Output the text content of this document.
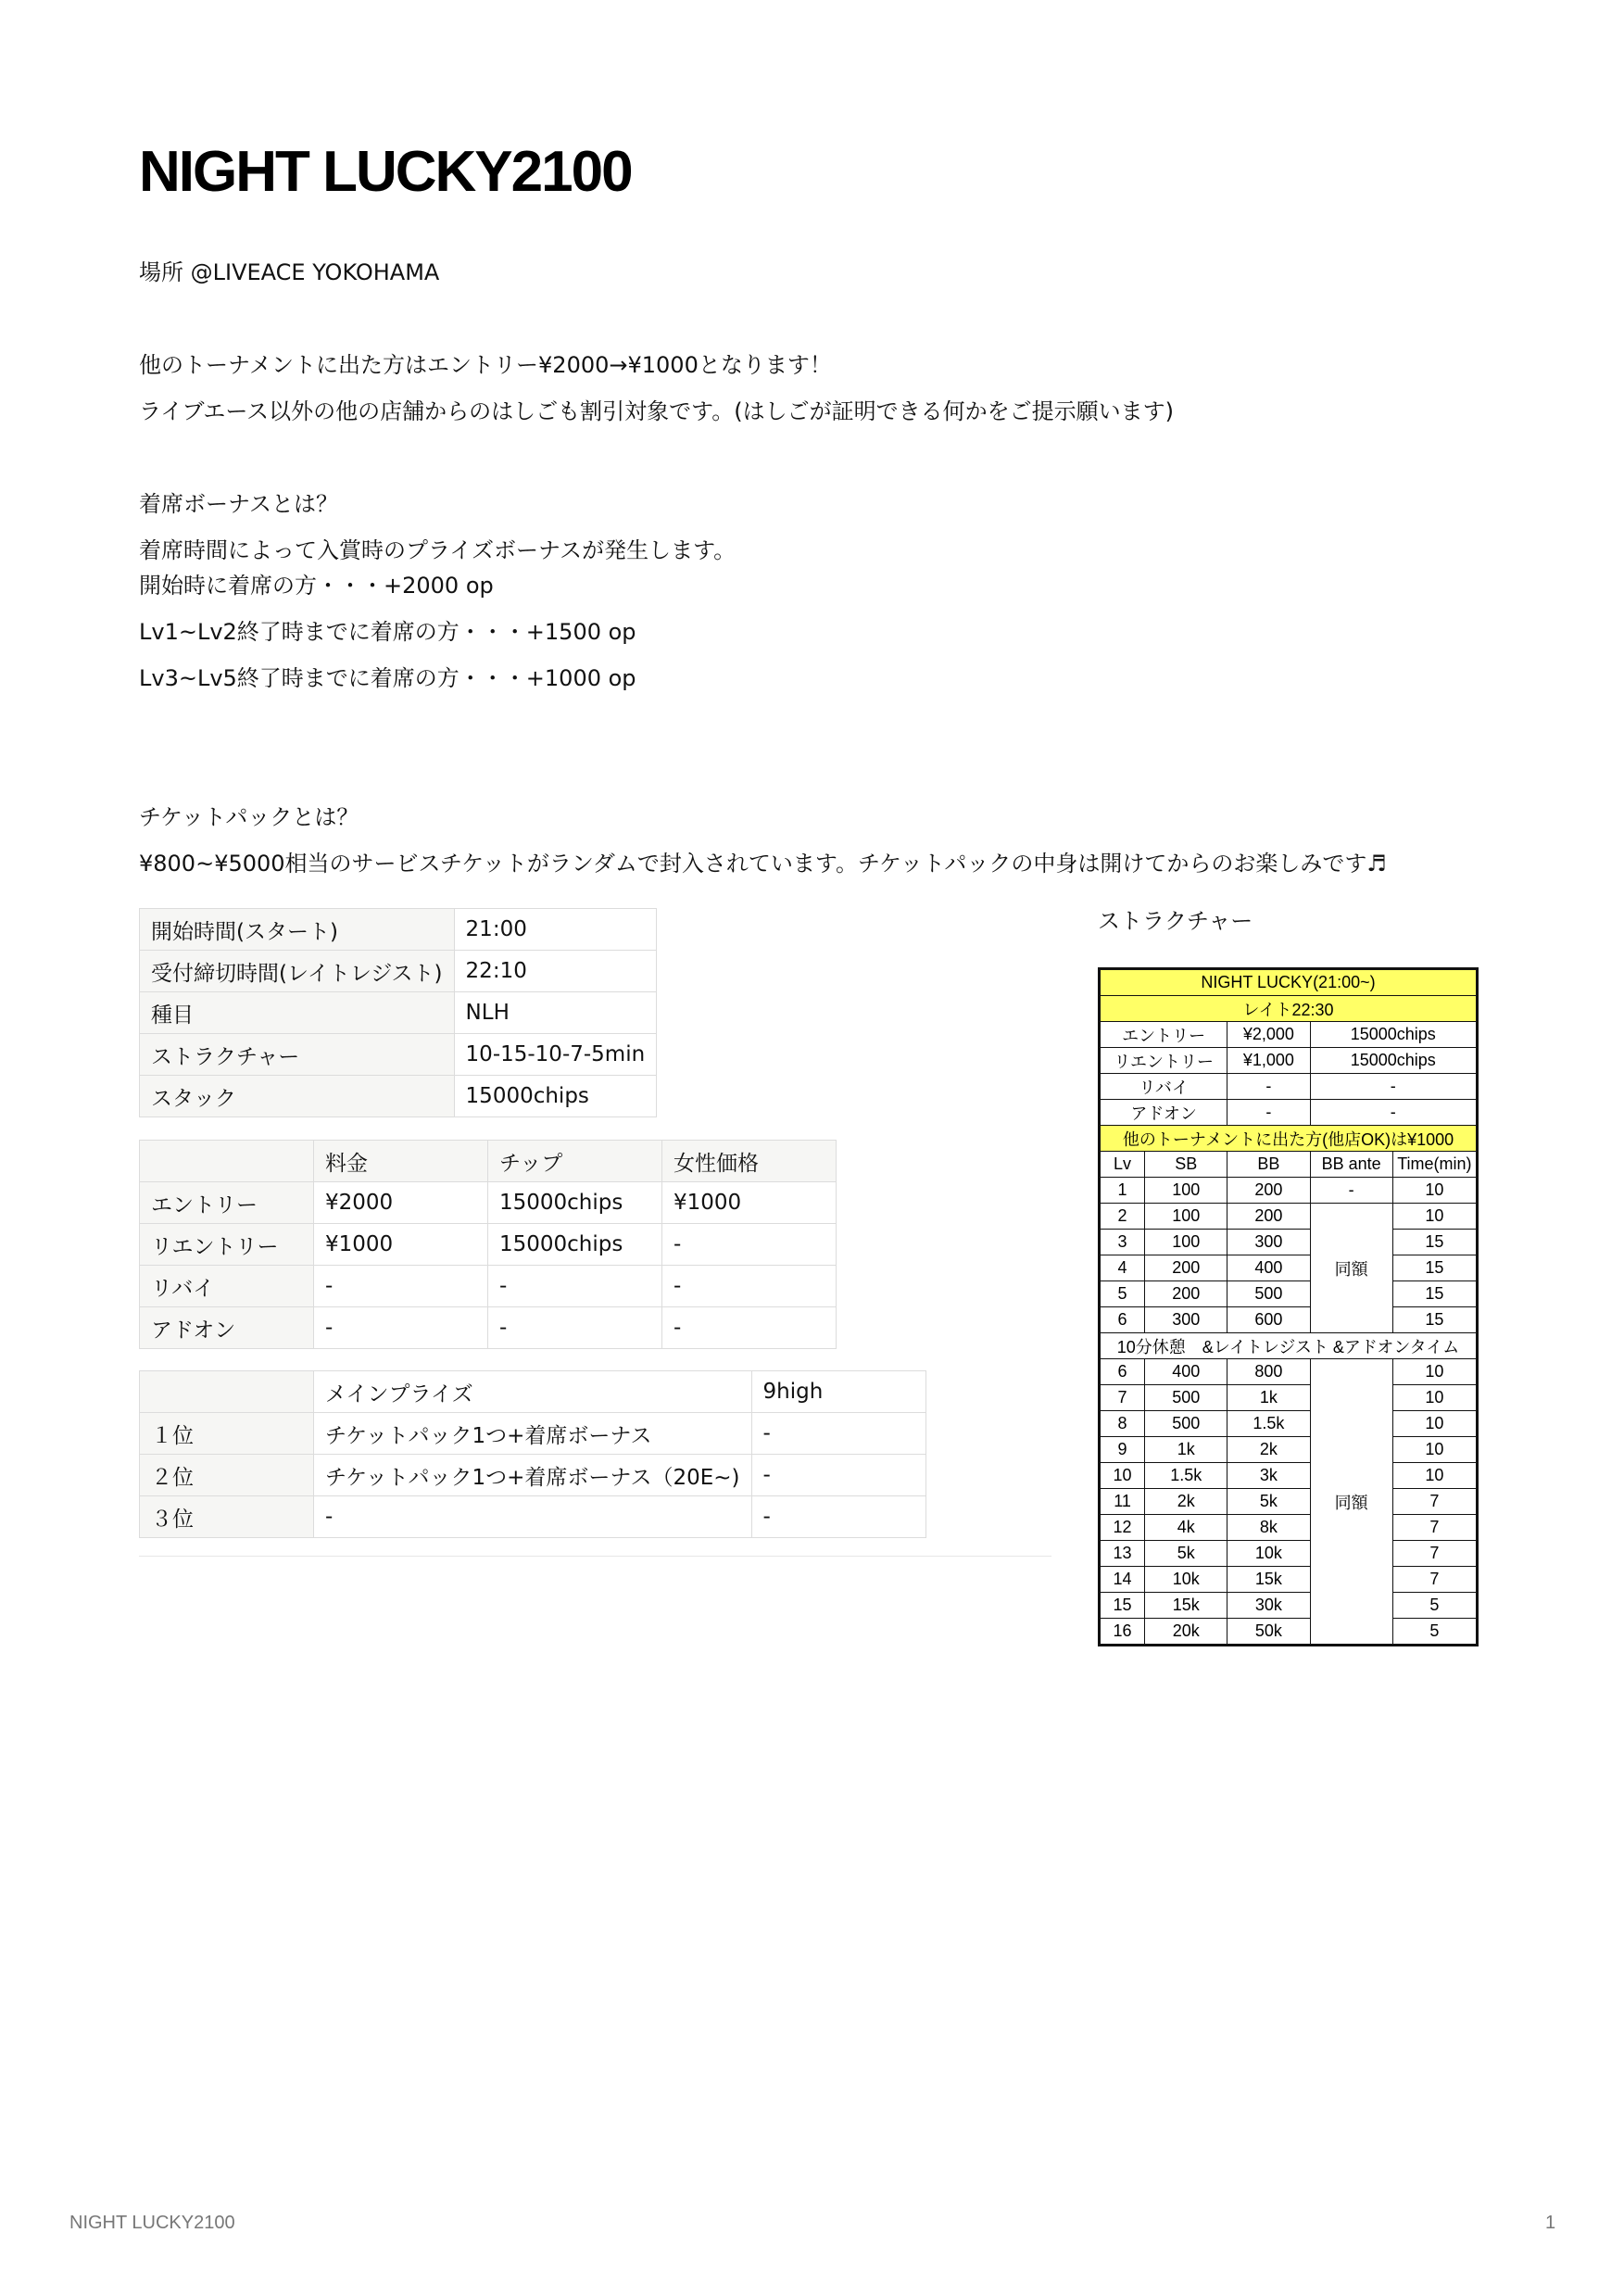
NIGHT LUCKY2100
場所 @LIVEACE YOKOHAMA
他のトーナメントに出た方はエントリー¥2000→¥1000となります！
ライブエース以外の他の店舗からのはしごも割引対象です。(はしごが証明できる何かをご提示願います)
着席ボーナスとは？
着席時間によって入賞時のプライズボーナスが発生します。
開始時に着席の方・・・+2000 op
Lv1~Lv2終了時までに着席の方・・・+1500 op
Lv3~Lv5終了時までに着席の方・・・+1000 op
チケットパックとは？
¥800~¥5000相当のサービスチケットがランダムで封入されています。チケットパックの中身は開けてからのお楽しみです♬
開始時間(スタート)	21:00
受付締切時間(レイトレジスト)	22:10
種目	NLH
ストラクチャー	10-15-10-7-5min
スタック	15000chips
	料金	チップ	女性価格
エントリー	¥2000	15000chips	¥1000
リエントリー	¥1000	15000chips	-
リバイ	-	-	-
アドオン	-	-	-
	メインプライズ	9high
１位	チケットパック1つ+着席ボーナス	-
２位	チケットパック1つ+着席ボーナス（20E~)	-
３位	-	-
ストラクチャー
NIGHT LUCKY(21:00~)				
レイト22:30				
エントリー		¥2,000	15000chips	
リエントリー		¥1,000	15000chips	
リバイ		-	-	
アドオン		-	-	
他のトーナメントに出た方(他店OK)は¥1000				
Lv	SB	BB	BB ante	Time(min)
1	100	200	-	10
2	100	200	同額	10
3	100	300		15
4	200	400		15
5	200	500		15
6	300	600		15
10分休憩　&レイトレジスト &アドオンタイム				
6	400	800	同額	10
7	500	1k		10
8	500	1.5k		10
9	1k	2k		10
10	1.5k	3k		10
11	2k	5k		7
12	4k	8k		7
13	5k	10k		7
14	10k	15k		7
15	15k	30k		5
16	20k	50k		5
NIGHT LUCKY2100	1
